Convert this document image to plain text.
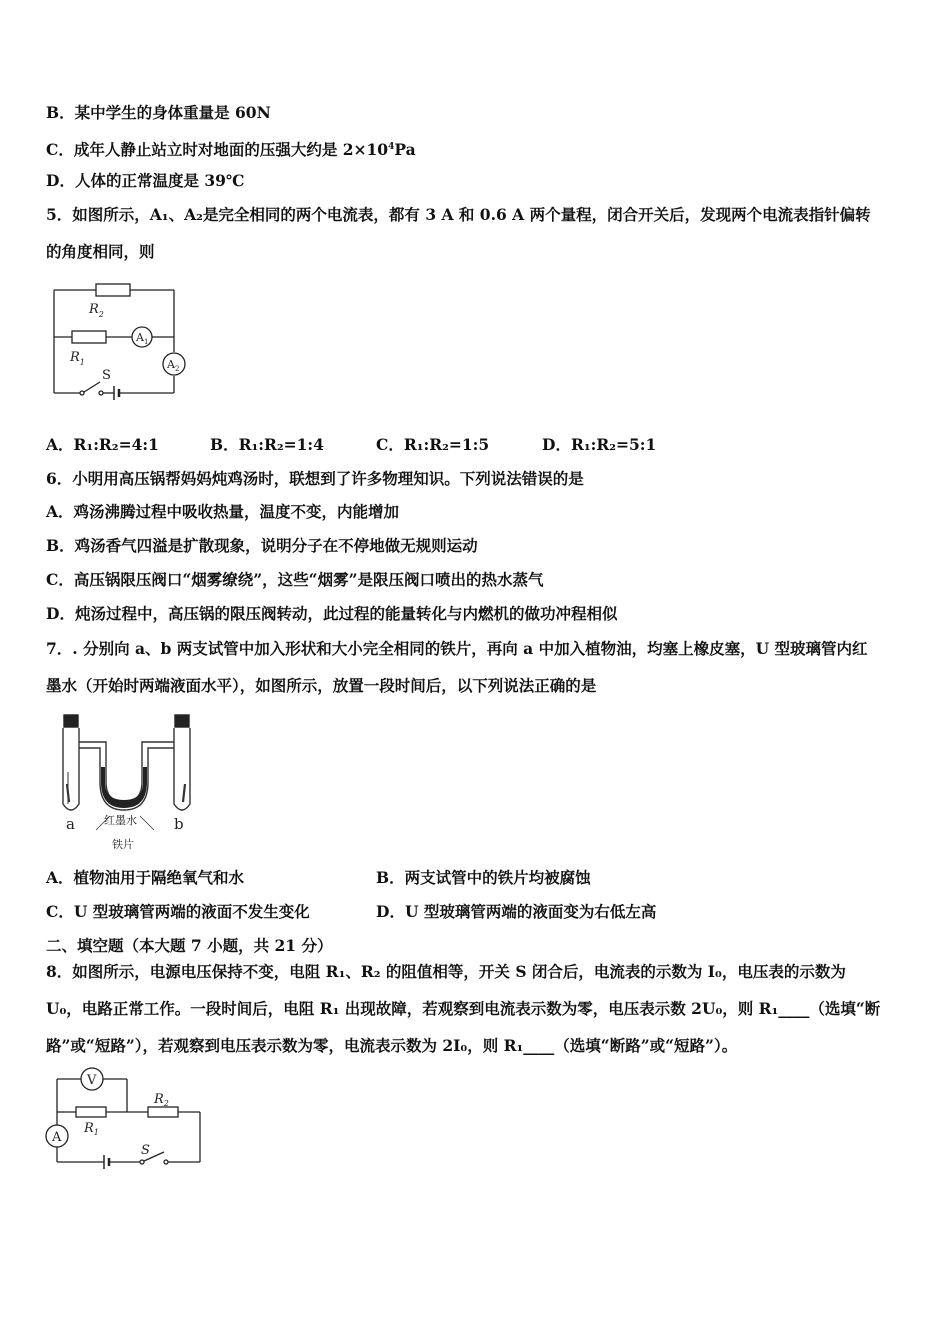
B．某中学生的身体重量是 60N
C．成年人静止站立时对地面的压强大约是 $2\times 10^4Pa$
D．人体的正常温度是 39℃
5．如图所示，A₁、A₂是完全相同的两个电流表，都有 3 A 和 0.6 A 两个量程，闭合开关后，发现两个电流表指针偏转
的角度相同，则
$R_2$
$R_1$
$A_1$
$A_2$
S
A．R₁:R₂=4:1	B．R₁:R₂=1:4	C．R₁:R₂=1:5	D．R₁:R₂=5:1
6．小明用高压锅帮妈妈炖鸡汤时，联想到了许多物理知识。下列说法错误的是
A．鸡汤沸腾过程中吸收热量，温度不变，内能增加
B．鸡汤香气四溢是扩散现象，说明分子在不停地做无规则运动
C．高压锅限压阀口“烟雾缭绕”，这些“烟雾”是限压阀口喷出的热水蒸气
D．炖汤过程中，高压锅的限压阀转动，此过程的能量转化与内燃机的做功冲程相似
7．. 分别向 a、b 两支试管中加入形状和大小完全相同的铁片，再向 a 中加入植物油，均塞上橡皮塞，U 型玻璃管内红
墨水（开始时两端液面水平），如图所示，放置一段时间后，以下列说法正确的是
a	b
红墨水
铁片
A．植物油用于隔绝氧气和水	B．两支试管中的铁片均被腐蚀
C．U 型玻璃管两端的液面不发生变化	D．U 型玻璃管两端的液面变为右低左高
二、填空题（本大题 7 小题，共 21 分）
8．如图所示，电源电压保持不变，电阻 R₁、R₂ 的阻值相等，开关 S 闭合后，电流表的示数为 I₀，电压表的示数为
U₀，电路正常工作。一段时间后，电阻 R₁ 出现故障，若观察到电流表示数为零，电压表示数 2U₀，则 R₁____（选填“断
路”或“短路”），若观察到电压表示数为零，电流表示数为 2I₀，则 R₁____（选填“断路”或“短路”）。
V
A
$R_1$
$R_2$
S
